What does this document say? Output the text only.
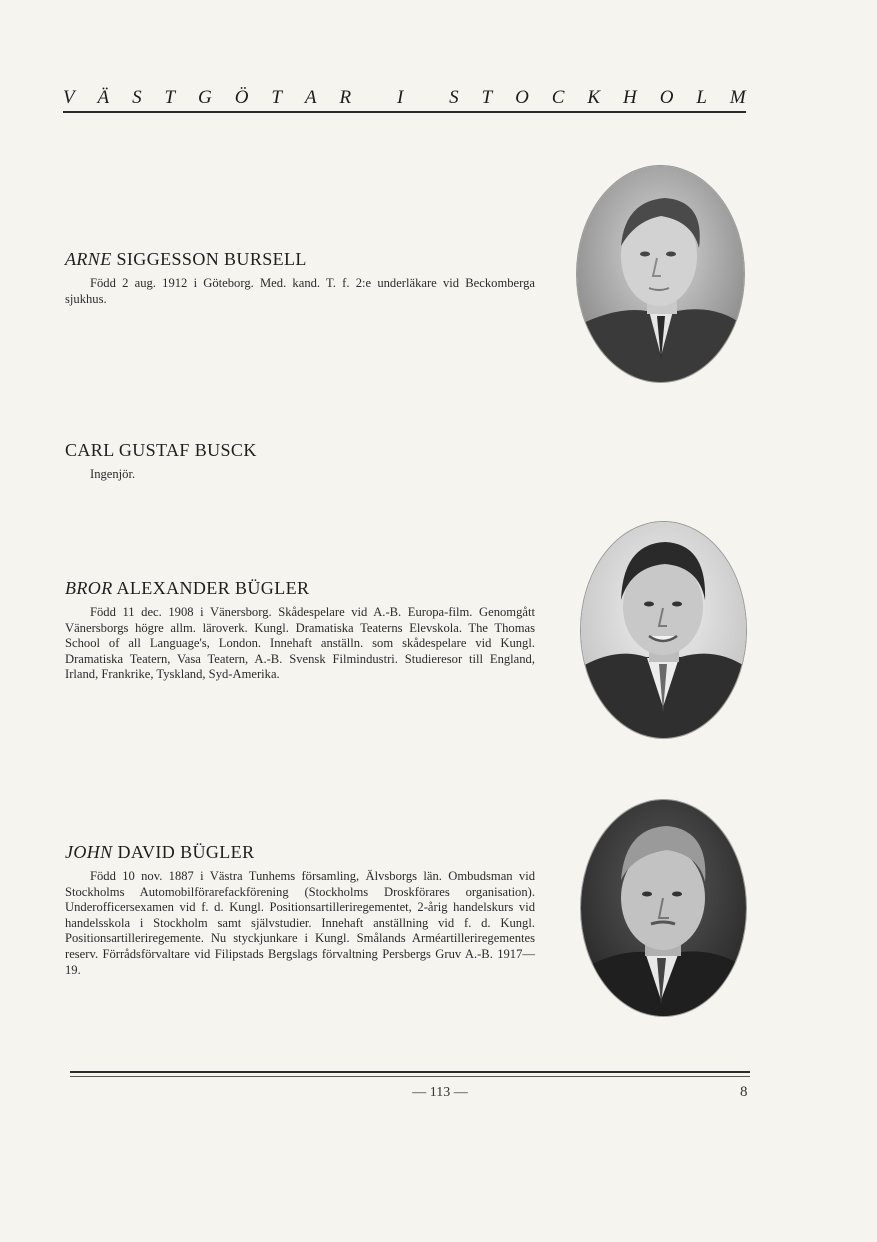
V Ä S T G Ö T A R I S T O C K H O L M
ARNE SIGGESSON BURSELL
Född 2 aug. 1912 i Göteborg. Med. kand. T. f. 2:e underläkare vid Beckomberga sjukhus.
CARL GUSTAF BUSCK
Ingenjör.
BROR ALEXANDER BÜGLER
Född 11 dec. 1908 i Vänersborg. Skådespelare vid A.-B. Europa-film. Genomgått Vänersborgs högre allm. läroverk. Kungl. Dramatiska Teaterns Elevskola. The Thomas School of all Language's, London. Innehaft anställn. som skådespelare vid Kungl. Dramatiska Teatern, Vasa Teatern, A.-B. Svensk Filmindustri. Studieresor till England, Irland, Frankrike, Tyskland, Syd-Amerika.
JOHN DAVID BÜGLER
Född 10 nov. 1887 i Västra Tunhems församling, Älvsborgs län. Ombudsman vid Stockholms Automobilförarefackförening (Stockholms Droskförares organisation). Underofficersexamen vid f. d. Kungl. Positionsartilleriregementet, 2-årig handelskurs vid handelsskola i Stockholm samt självstudier. Innehaft anställning vid f. d. Kungl. Positionsartilleriregemente. Nu styckjunkare i Kungl. Smålands Arméartilleriregementes reserv. Förrådsförvaltare vid Filipstads Bergslags förvaltning Persbergs Gruv A.-B. 1917—19.
— 113 —	8
